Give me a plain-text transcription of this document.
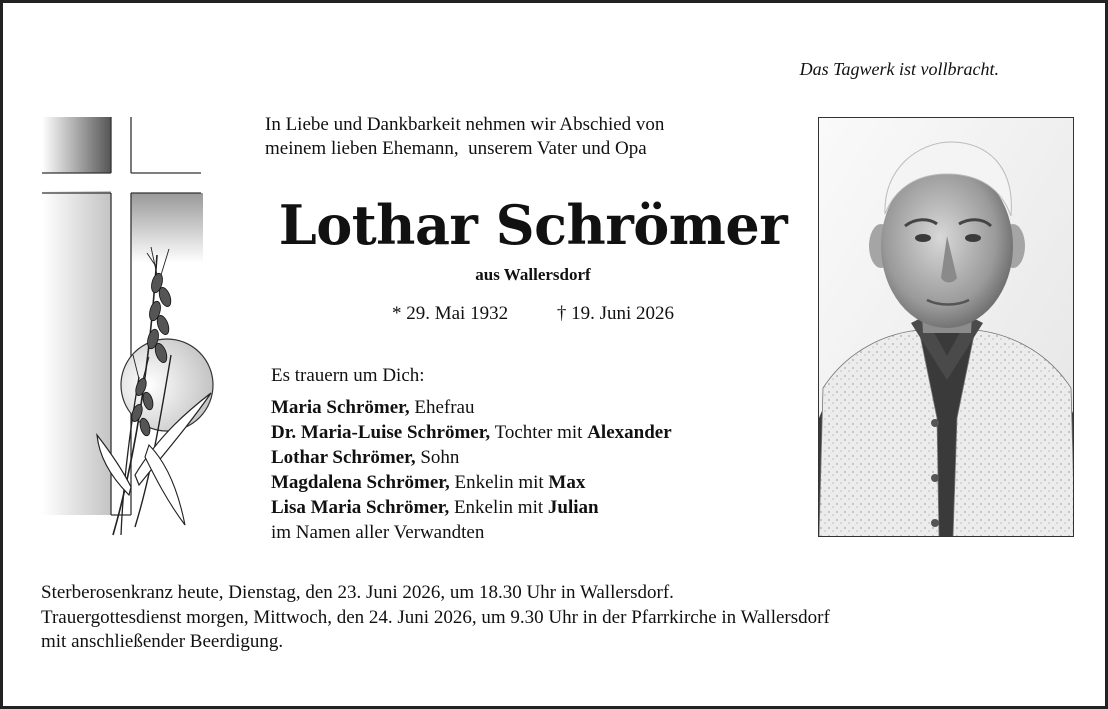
Das Tagwerk ist vollbracht.
In Liebe und Dankbarkeit nehmen wir Abschied von
meinem lieben Ehemann,  unserem Vater und Opa
Lothar Schrömer
aus Wallersdorf
* 29. Mai 1932	† 19. Juni 2026
Es trauern um Dich:
Maria Schrömer, Ehefrau
Dr. Maria-Luise Schrömer, Tochter mit Alexander
Lothar Schrömer, Sohn
Magdalena Schrömer, Enkelin mit Max
Lisa Maria Schrömer, Enkelin mit Julian
im Namen aller Verwandten
Sterberosenkranz heute, Dienstag, den 23. Juni 2026, um 18.30 Uhr in Wallersdorf.
Trauergottesdienst morgen, Mittwoch, den 24. Juni 2026, um 9.30 Uhr in der Pfarrkirche in Wallersdorf
mit anschließender Beerdigung.
